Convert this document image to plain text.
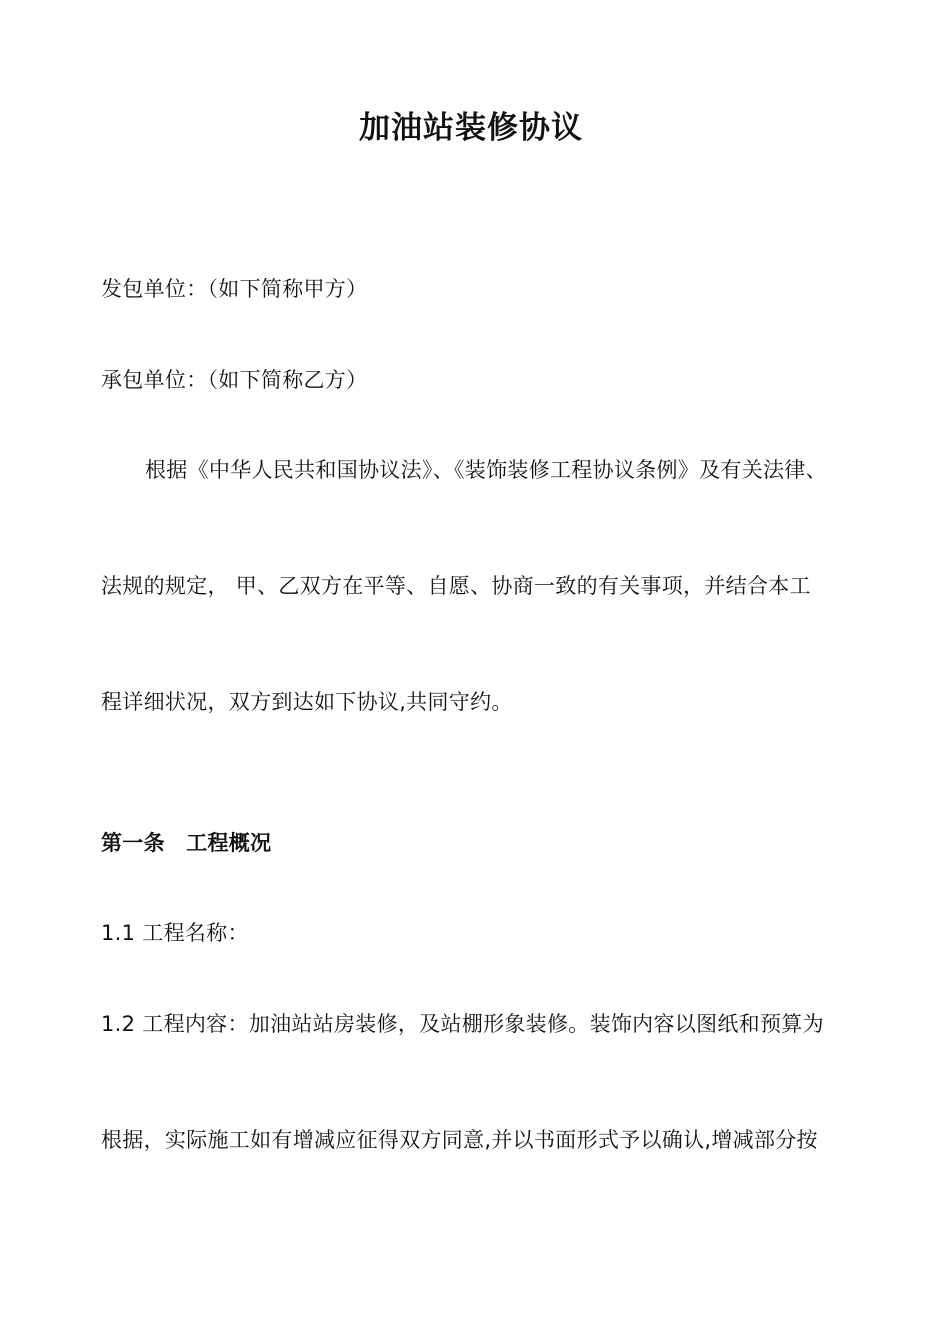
加油站装修协议
发包单位：（如下简称甲方）
承包单位：（如下简称乙方）
根据《中华人民共和国协议法》、《装饰装修工程协议条例》及有关法律、
法规的规定， 甲、乙双方在平等、自愿、协商一致的有关事项，并结合本工
程详细状况，双方到达如下协议,共同守约。
第一条　工程概况
1.1 工程名称：
1.2 工程内容：加油站站房装修，及站棚形象装修。装饰内容以图纸和预算为
根据，实际施工如有增减应征得双方同意,并以书面形式予以确认,增减部分按
